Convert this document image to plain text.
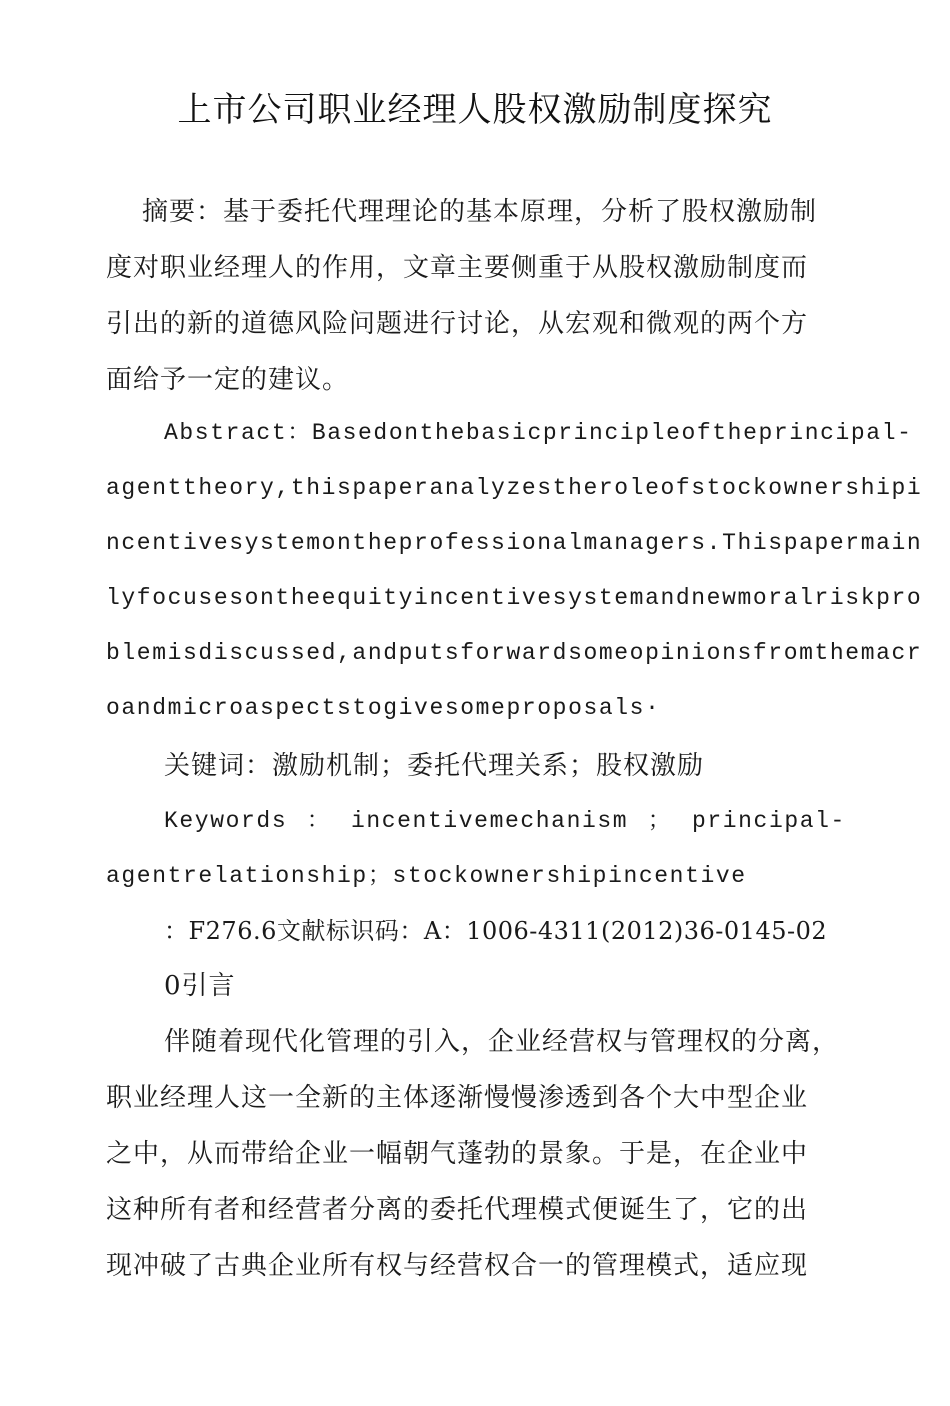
上市公司职业经理人股权激励制度探究
摘要：基于委托代理理论的基本原理，分析了股权激励制
度对职业经理人的作用，文章主要侧重于从股权激励制度而
引出的新的道德风险问题进行讨论，从宏观和微观的两个方
面给予一定的建议。
Abstract：Basedonthebasicprincipleoftheprincipal-
agenttheory,thispaperanalyzestheroleofstockownershipi
ncentivesystemontheprofessionalmanagers.Thispapermain
lyfocusesontheequityincentivesystemandnewmoralriskpro
blemisdiscussed,andputsforwardsomeopinionsfromthemacr
oandmicroaspectstogivesomeproposals·
关键词：激励机制；委托代理关系；股权激励
Keywords ： incentivemechanism ； principal-
agentrelationship；stockownershipincentive
：F276.6文献标识码：A：1006-4311(2012)36-0145-02
0引言
伴随着现代化管理的引入，企业经营权与管理权的分离，
职业经理人这一全新的主体逐渐慢慢渗透到各个大中型企业
之中，从而带给企业一幅朝气蓬勃的景象。于是，在企业中
这种所有者和经营者分离的委托代理模式便诞生了，它的出
现冲破了古典企业所有权与经营权合一的管理模式，适应现
